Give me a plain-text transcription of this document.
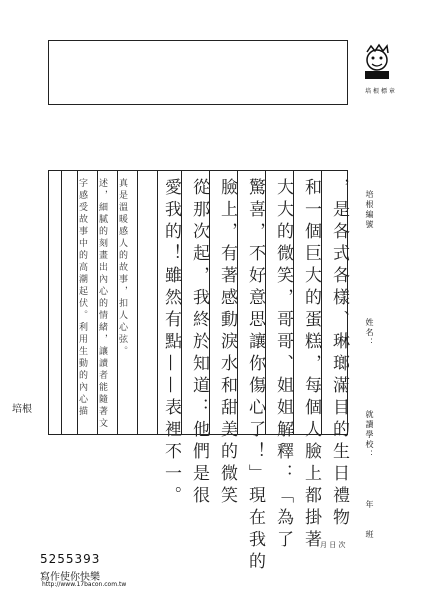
培 根 標 章
培根編號
姓名：
就讀學校：
年
班
月 日 次
，是各式各樣、琳瑯滿目的生日禮物
和一個巨大的蛋糕，每個人臉上都掛著
大大的微笑，哥哥、姐姐解釋：「為了
驚喜，不好意思讓你傷心了！」現在我的
臉上，有著感動淚水和甜美的微笑
從那次起，我終於知道：他們是很
愛我的！雖然有點——表裡不一。
真是溫暖感人的故事，扣人心弦。
述，細膩的刻畫出內心的情緒，讓讀者能隨著文
字感受故事中的高潮起伏。利用生動的內心描
培根
5255393
寫作使你快樂
http://www.17bacon.com.tw
